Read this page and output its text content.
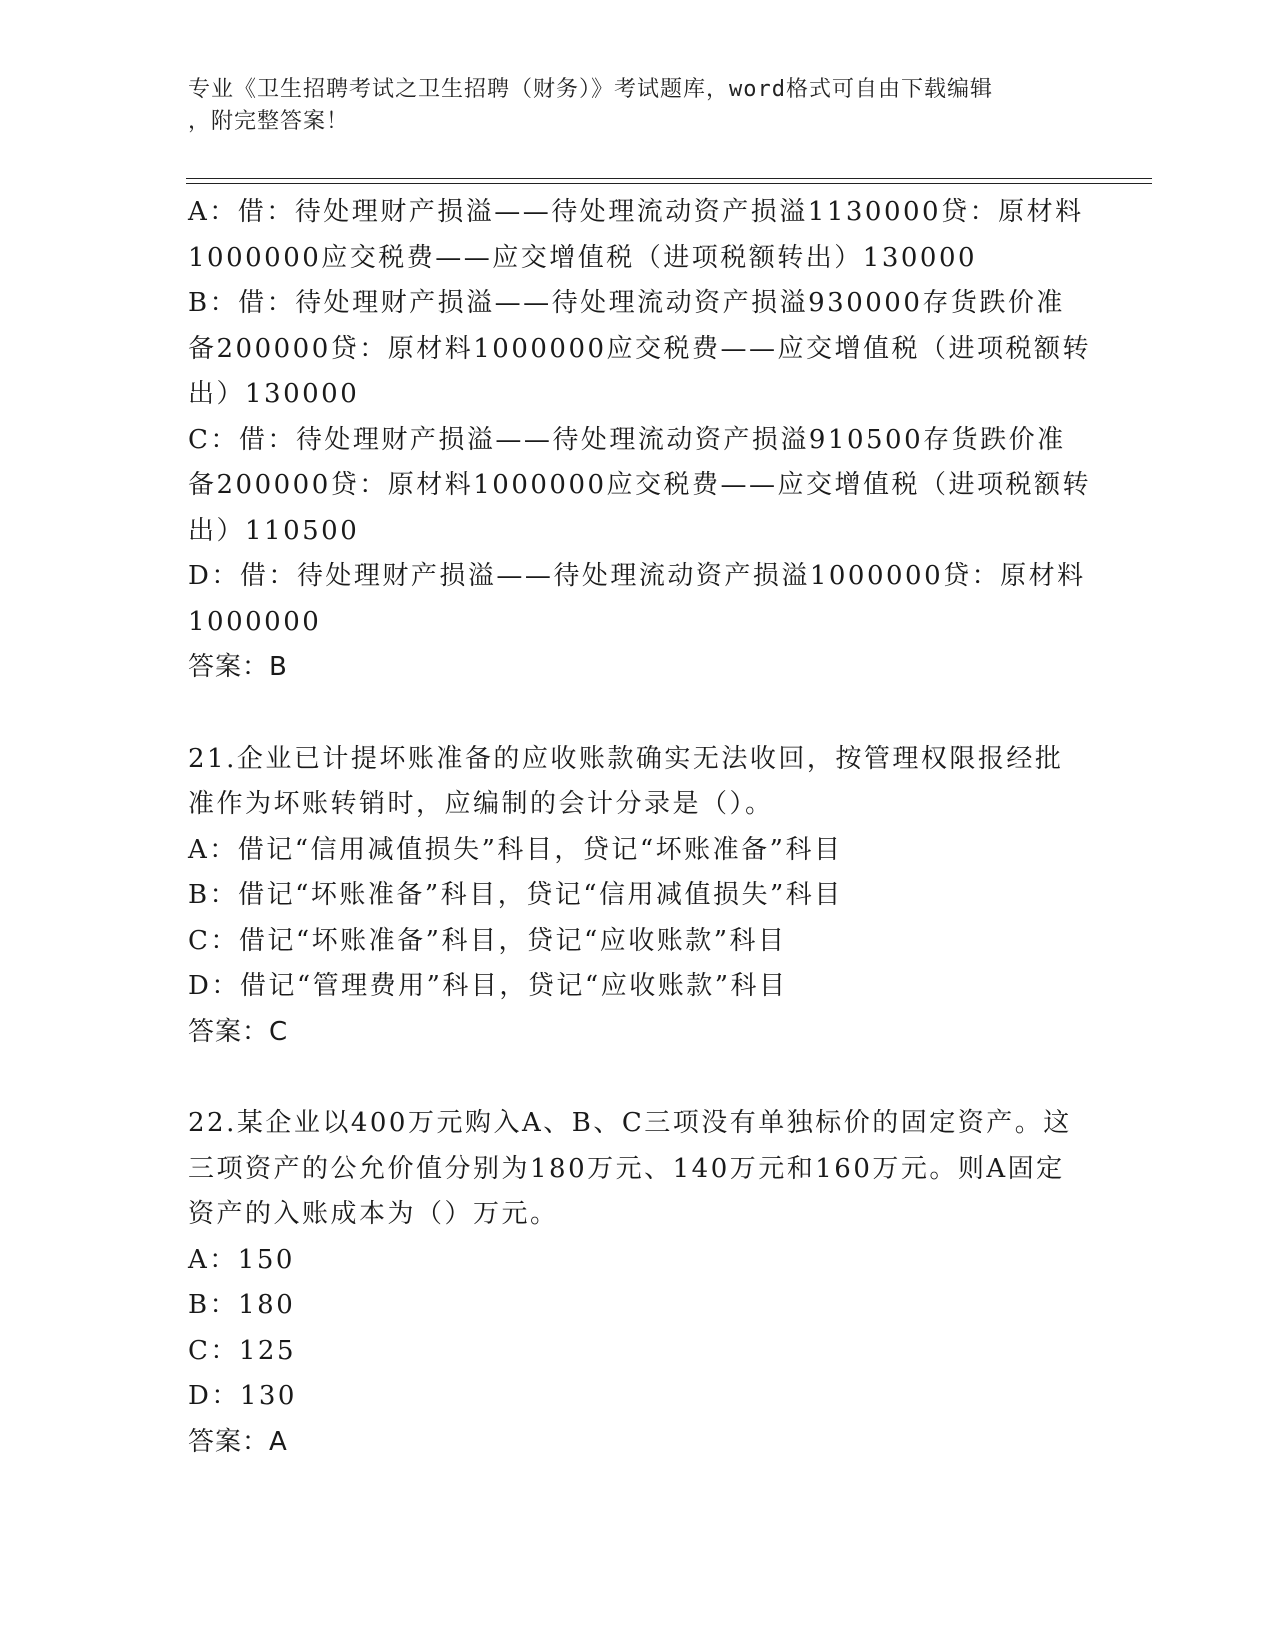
专业《卫生招聘考试之卫生招聘（财务）》考试题库，word格式可自由下载编辑
，附完整答案！
A：借：待处理财产损溢——待处理流动资产损溢1130000贷：原材料
1000000应交税费——应交增值税（进项税额转出）130000
B：借：待处理财产损溢——待处理流动资产损溢930000存货跌价准
备200000贷：原材料1000000应交税费——应交增值税（进项税额转
出）130000
C：借：待处理财产损溢——待处理流动资产损溢910500存货跌价准
备200000贷：原材料1000000应交税费——应交增值税（进项税额转
出）110500
D：借：待处理财产损溢——待处理流动资产损溢1000000贷：原材料
1000000
答案：B
21.企业已计提坏账准备的应收账款确实无法收回，按管理权限报经批
准作为坏账转销时，应编制的会计分录是（）。
A：借记“信用减值损失”科目，贷记“坏账准备”科目
B：借记“坏账准备”科目，贷记“信用减值损失”科目
C：借记“坏账准备”科目，贷记“应收账款”科目
D：借记“管理费用”科目，贷记“应收账款”科目
答案：C
22.某企业以400万元购入A、B、C三项没有单独标价的固定资产。这
三项资产的公允价值分别为180万元、140万元和160万元。则A固定
资产的入账成本为（）万元。
A：150
B：180
C：125
D：130
答案：A
